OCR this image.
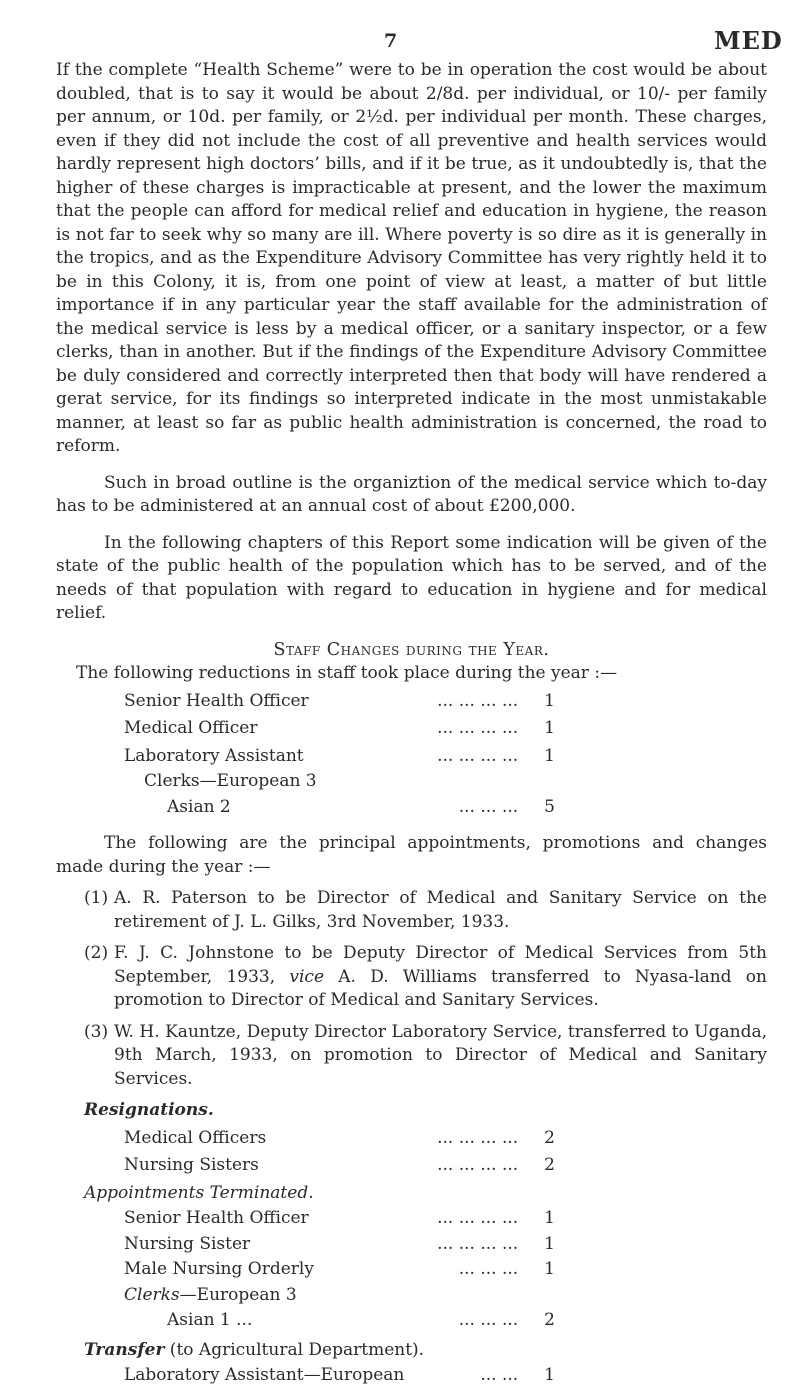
7	MED

If the complete “Health Scheme” were to be in operation the cost would be about doubled, that is to say it would be about 2/8d. per individual, or 10/- per family per annum, or 10d. per family, or 2½d. per individual per month. These charges, even if they did not include the cost of all preventive and health services would hardly represent high doctors’ bills, and if it be true, as it undoubtedly is, that the higher of these charges is impracticable at present, and the lower the maximum that the people can afford for medical relief and education in hygiene, the reason is not far to seek why so many are ill. Where poverty is so dire as it is generally in the tropics, and as the Expenditure Advisory Committee has very rightly held it to be in this Colony, it is, from one point of view at least, a matter of but little importance if in any particular year the staff available for the administration of the medical service is less by a medical officer, or a sanitary inspector, or a few clerks, than in another. But if the findings of the Expenditure Advisory Committee be duly considered and correctly interpreted then that body will have rendered a gerat service, for its findings so interpreted indicate in the most unmistakable manner, at least so far as public health administration is concerned, the road to reform.

Such in broad outline is the organiztion of the medical service which to-day has to be administered at an annual cost of about £200,000.

In the following chapters of this Report some indication will be given of the state of the public health of the population which has to be served, and of the needs of that population with regard to education in hygiene and for medical relief.

Staff Changes during the Year.

The following reductions in staff took place during the year :—

Senior Health Officer	... ... ... ... 1
Medical Officer	... ... ... ... 1
Laboratory Assistant	... ... ... ... 1
Clerks—European 3
Asian 2	... ... ... 5

The following are the principal appointments, promotions and changes made during the year :—

(1) A. R. Paterson to be Director of Medical and Sanitary Service on the retirement of J. L. Gilks, 3rd November, 1933.
(2) F. J. C. Johnstone to be Deputy Director of Medical Services from 5th September, 1933, vice A. D. Williams transferred to Nyasa-land on promotion to Director of Medical and Sanitary Services.
(3) W. H. Kauntze, Deputy Director Laboratory Service, transferred to Uganda, 9th March, 1933, on promotion to Director of Medical and Sanitary Services.
Resignations.
Medical Officers	... ... ... ... 2
Nursing Sisters	... ... ... ... 2
Appointments Terminated.
Senior Health Officer	... ... ... ... 1
Nursing Sister	... ... ... ... 1
Male Nursing Orderly	... ... ... 1
Clerks—European 3
Asian 1 ...	... ... ... 2
Transfer (to Agricultural Department).
Laboratory Assistant—European	... ... 1
